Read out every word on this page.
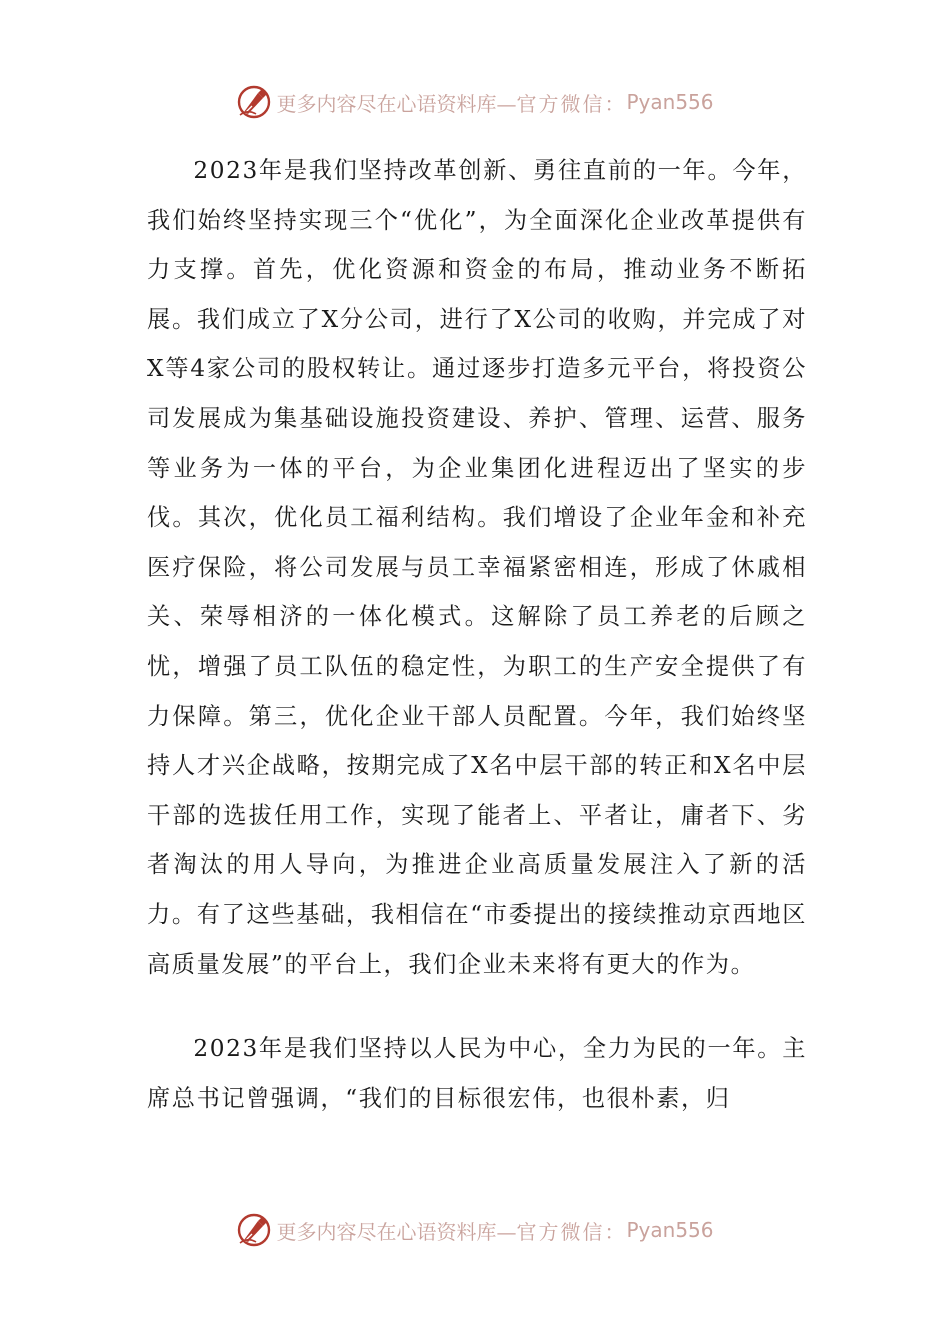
更多内容尽在心语资料库— 官方微信： Pyan556

2023年是我们坚持改革创新、勇往直前的一年。今年，我们始终坚持实现三个“优化”，为全面深化企业改革提供有力支撑。首先，优化资源和资金的布局，推动业务不断拓展。我们成立了X分公司，进行了X公司的收购，并完成了对X等4家公司的股权转让。通过逐步打造多元平台，将投资公司发展成为集基础设施投资建设、养护、管理、运营、服务等业务为一体的平台，为企业集团化进程迈出了坚实的步伐。其次，优化员工福利结构。我们增设了企业年金和补充医疗保险，将公司发展与员工幸福紧密相连，形成了休戚相关、荣辱相济的一体化模式。这解除了员工养老的后顾之忧，增强了员工队伍的稳定性，为职工的生产安全提供了有力保障。第三，优化企业干部人员配置。今年，我们始终坚持人才兴企战略，按期完成了X名中层干部的转正和X名中层干部的选拔任用工作，实现了能者上、平者让，庸者下、劣者淘汰的用人导向，为推进企业高质量发展注入了新的活力。有了这些基础，我相信在“市委提出的接续推动京西地区高质量发展”的平台上，我们企业未来将有更大的作为。

2023年是我们坚持以人民为中心，全力为民的一年。主席总书记曾强调，“我们的目标很宏伟，也很朴素，归

更多内容尽在心语资料库— 官方微信： Pyan556
